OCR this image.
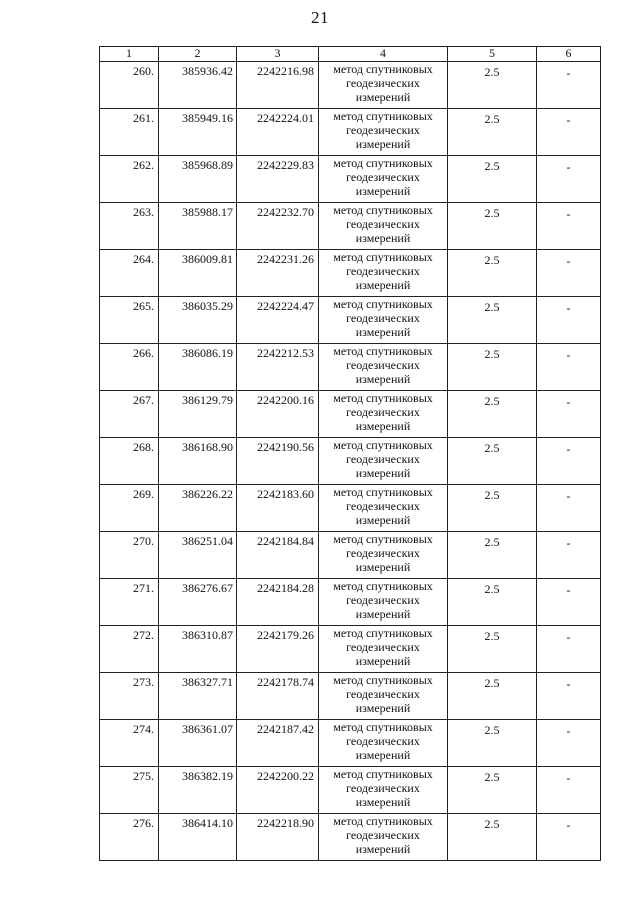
21
1	2	3	4	5	6
260.	385936.42	2242216.98	метод спутниковых геодезических измерений	2.5	-
261.	385949.16	2242224.01	метод спутниковых геодезических измерений	2.5	-
262.	385968.89	2242229.83	метод спутниковых геодезических измерений	2.5	-
263.	385988.17	2242232.70	метод спутниковых геодезических измерений	2.5	-
264.	386009.81	2242231.26	метод спутниковых геодезических измерений	2.5	-
265.	386035.29	2242224.47	метод спутниковых геодезических измерений	2.5	-
266.	386086.19	2242212.53	метод спутниковых геодезических измерений	2.5	-
267.	386129.79	2242200.16	метод спутниковых геодезических измерений	2.5	-
268.	386168.90	2242190.56	метод спутниковых геодезических измерений	2.5	-
269.	386226.22	2242183.60	метод спутниковых геодезических измерений	2.5	-
270.	386251.04	2242184.84	метод спутниковых геодезических измерений	2.5	-
271.	386276.67	2242184.28	метод спутниковых геодезических измерений	2.5	-
272.	386310.87	2242179.26	метод спутниковых геодезических измерений	2.5	-
273.	386327.71	2242178.74	метод спутниковых геодезических измерений	2.5	-
274.	386361.07	2242187.42	метод спутниковых геодезических измерений	2.5	-
275.	386382.19	2242200.22	метод спутниковых геодезических измерений	2.5	-
276.	386414.10	2242218.90	метод спутниковых геодезических измерений	2.5	-
